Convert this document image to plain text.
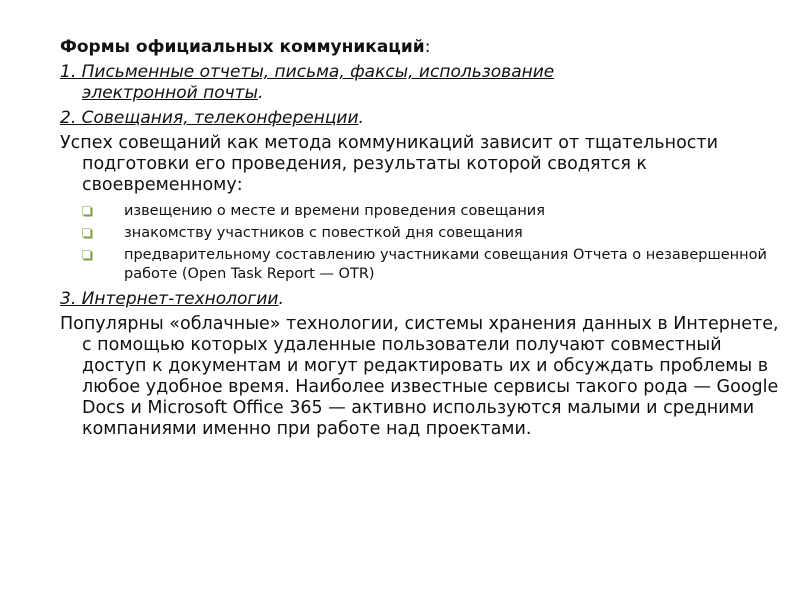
Формы официальных коммуникаций:

1. Письменные отчеты, письма, факсы, использование
электронной почты.

2. Совещания, телеконференции.

Успех совещаний как метода коммуникаций зависит от тщательности подготовки его проведения, результаты которой сводятся к своевременному:

извещению о месте и времени проведения совещания
знакомству участников с повесткой дня совещания
предварительному составлению участниками совещания Отчета о незавершенной работе (Open Task Report — OTR)

3. Интернет-технологии.

Популярны «облачные» технологии, системы хранения данных в Интернете, с помощью которых удаленные пользователи получают совместный доступ к документам и могут редактировать их и обсуждать проблемы в любое удобное время. Наиболее известные сервисы такого рода — Google Docs и Microsoft Office 365 — активно используются малыми и средними компаниями именно при работе над проектами.
